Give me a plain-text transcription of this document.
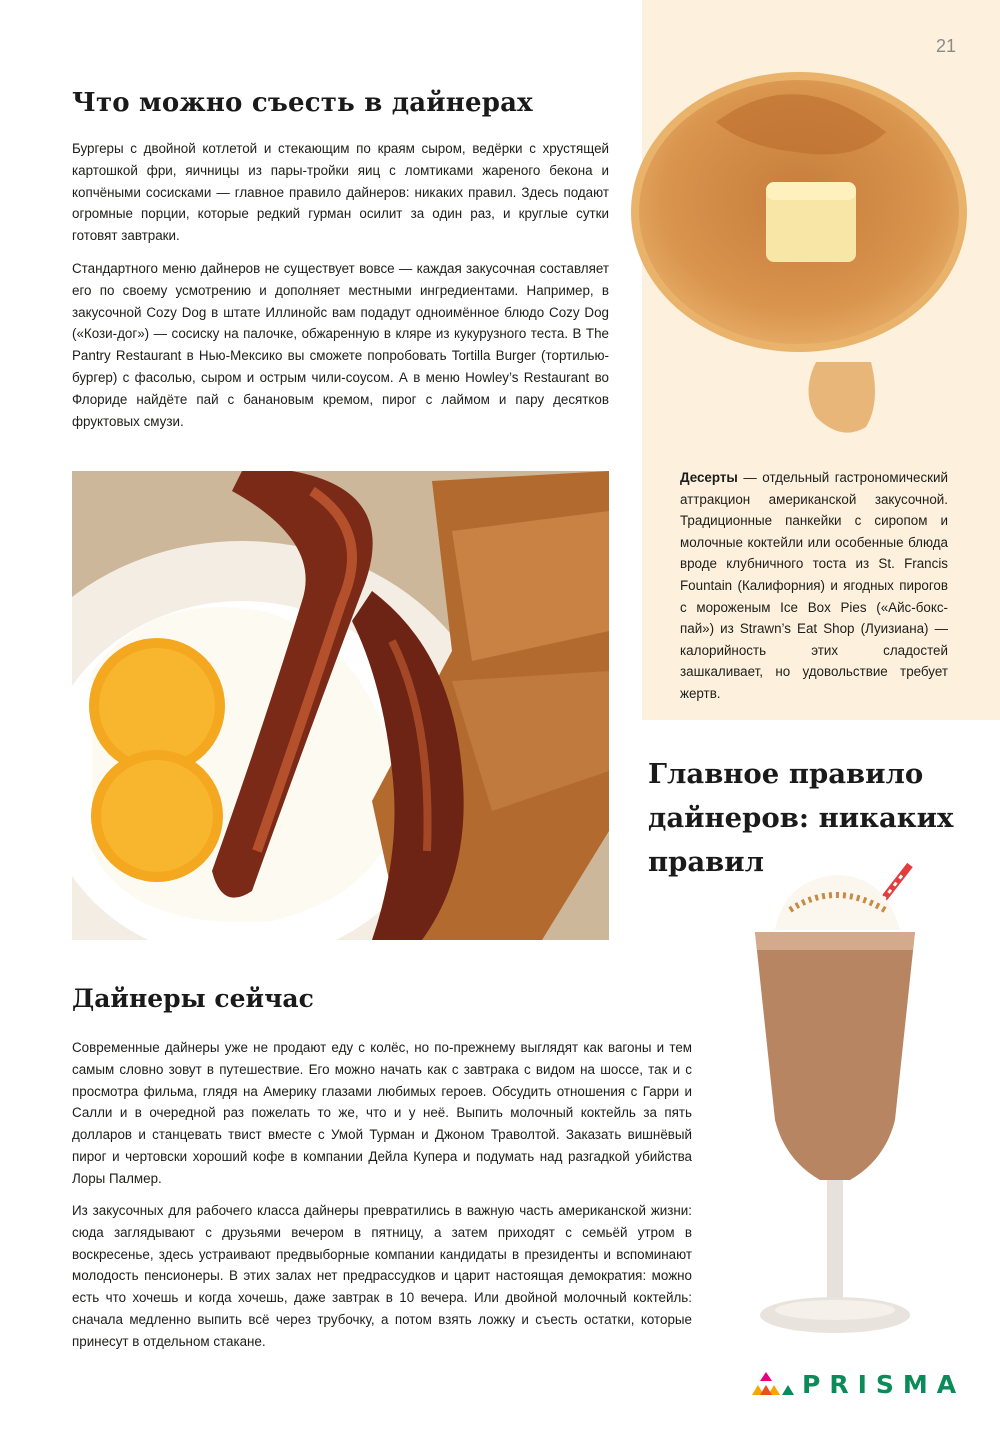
21
Что можно съесть в дайнерах

Бургеры с двойной котлетой и стекающим по краям сыром, ведёрки с хрустящей картошкой фри, яичницы из пары-тройки яиц с ломтиками жареного бекона и копчёными сосисками — главное правило дайнеров: никаких правил. Здесь подают огромные порции, которые редкий гурман осилит за один раз, и круглые сутки готовят завтраки.

Стандартного меню дайнеров не существует вовсе — каждая закусочная составляет его по своему усмотрению и дополняет местными ингредиентами. Например, в закусочной Cozy Dog в штате Иллинойс вам подадут одноимённое блюдо Cozy Dog («Кози-дог») — сосиску на палочке, обжаренную в кляре из кукурузного теста. В The Pantry Restaurant в Нью-Мексико вы сможете попробовать Tortilla Burger (тортилью-бургер) с фасолью, сыром и острым чили-соусом. А в меню Howley’s Restaurant во Флориде найдёте пай с банановым кремом, пирог с лаймом и пару десятков фруктовых смузи.

Десерты — отдельный гастрономический аттракцион американской закусочной. Традиционные панкейки с сиропом и молочные коктейли или особенные блюда вроде клубничного тоста из St. Francis Fountain (Калифорния) и ягодных пирогов с мороженым Ice Box Pies («Айс-бокс-пай») из Strawn’s Eat Shop (Луизиана) — калорийность этих сладостей зашкаливает, но удовольствие требует жертв.

Дайнеры сейчас

Современные дайнеры уже не продают еду с колёс, но по-прежнему выглядят как вагоны и тем самым словно зовут в путешествие. Его можно начать как с завтрака с видом на шоссе, так и с просмотра фильма, глядя на Америку глазами любимых героев. Обсудить отношения с Гарри и Салли и в очередной раз пожелать то же, что и у неё. Выпить молочный коктейль за пять долларов и станцевать твист вместе с Умой Турман и Джоном Траволтой. Заказать вишнёвый пирог и чертовски хороший кофе в компании Дейла Купера и подумать над разгадкой убийства Лоры Палмер.

Из закусочных для рабочего класса дайнеры превратились в важную часть американской жизни: сюда заглядывают с друзьями вечером в пятницу, а затем приходят с семьёй утром в воскресенье, здесь устраивают предвыборные компании кандидаты в президенты и вспоминают молодость пенсионеры. В этих залах нет предрассудков и царит настоящая демократия: можно есть что хочешь и когда хочешь, даже завтрак в 10 вечера. Или двойной молочный коктейль: сначала медленно выпить всё через трубочку, а потом взять ложку и съесть остатки, которые принесут в отдельном стакане.

Главное правило дайнеров: никаких правил

PRISMA
